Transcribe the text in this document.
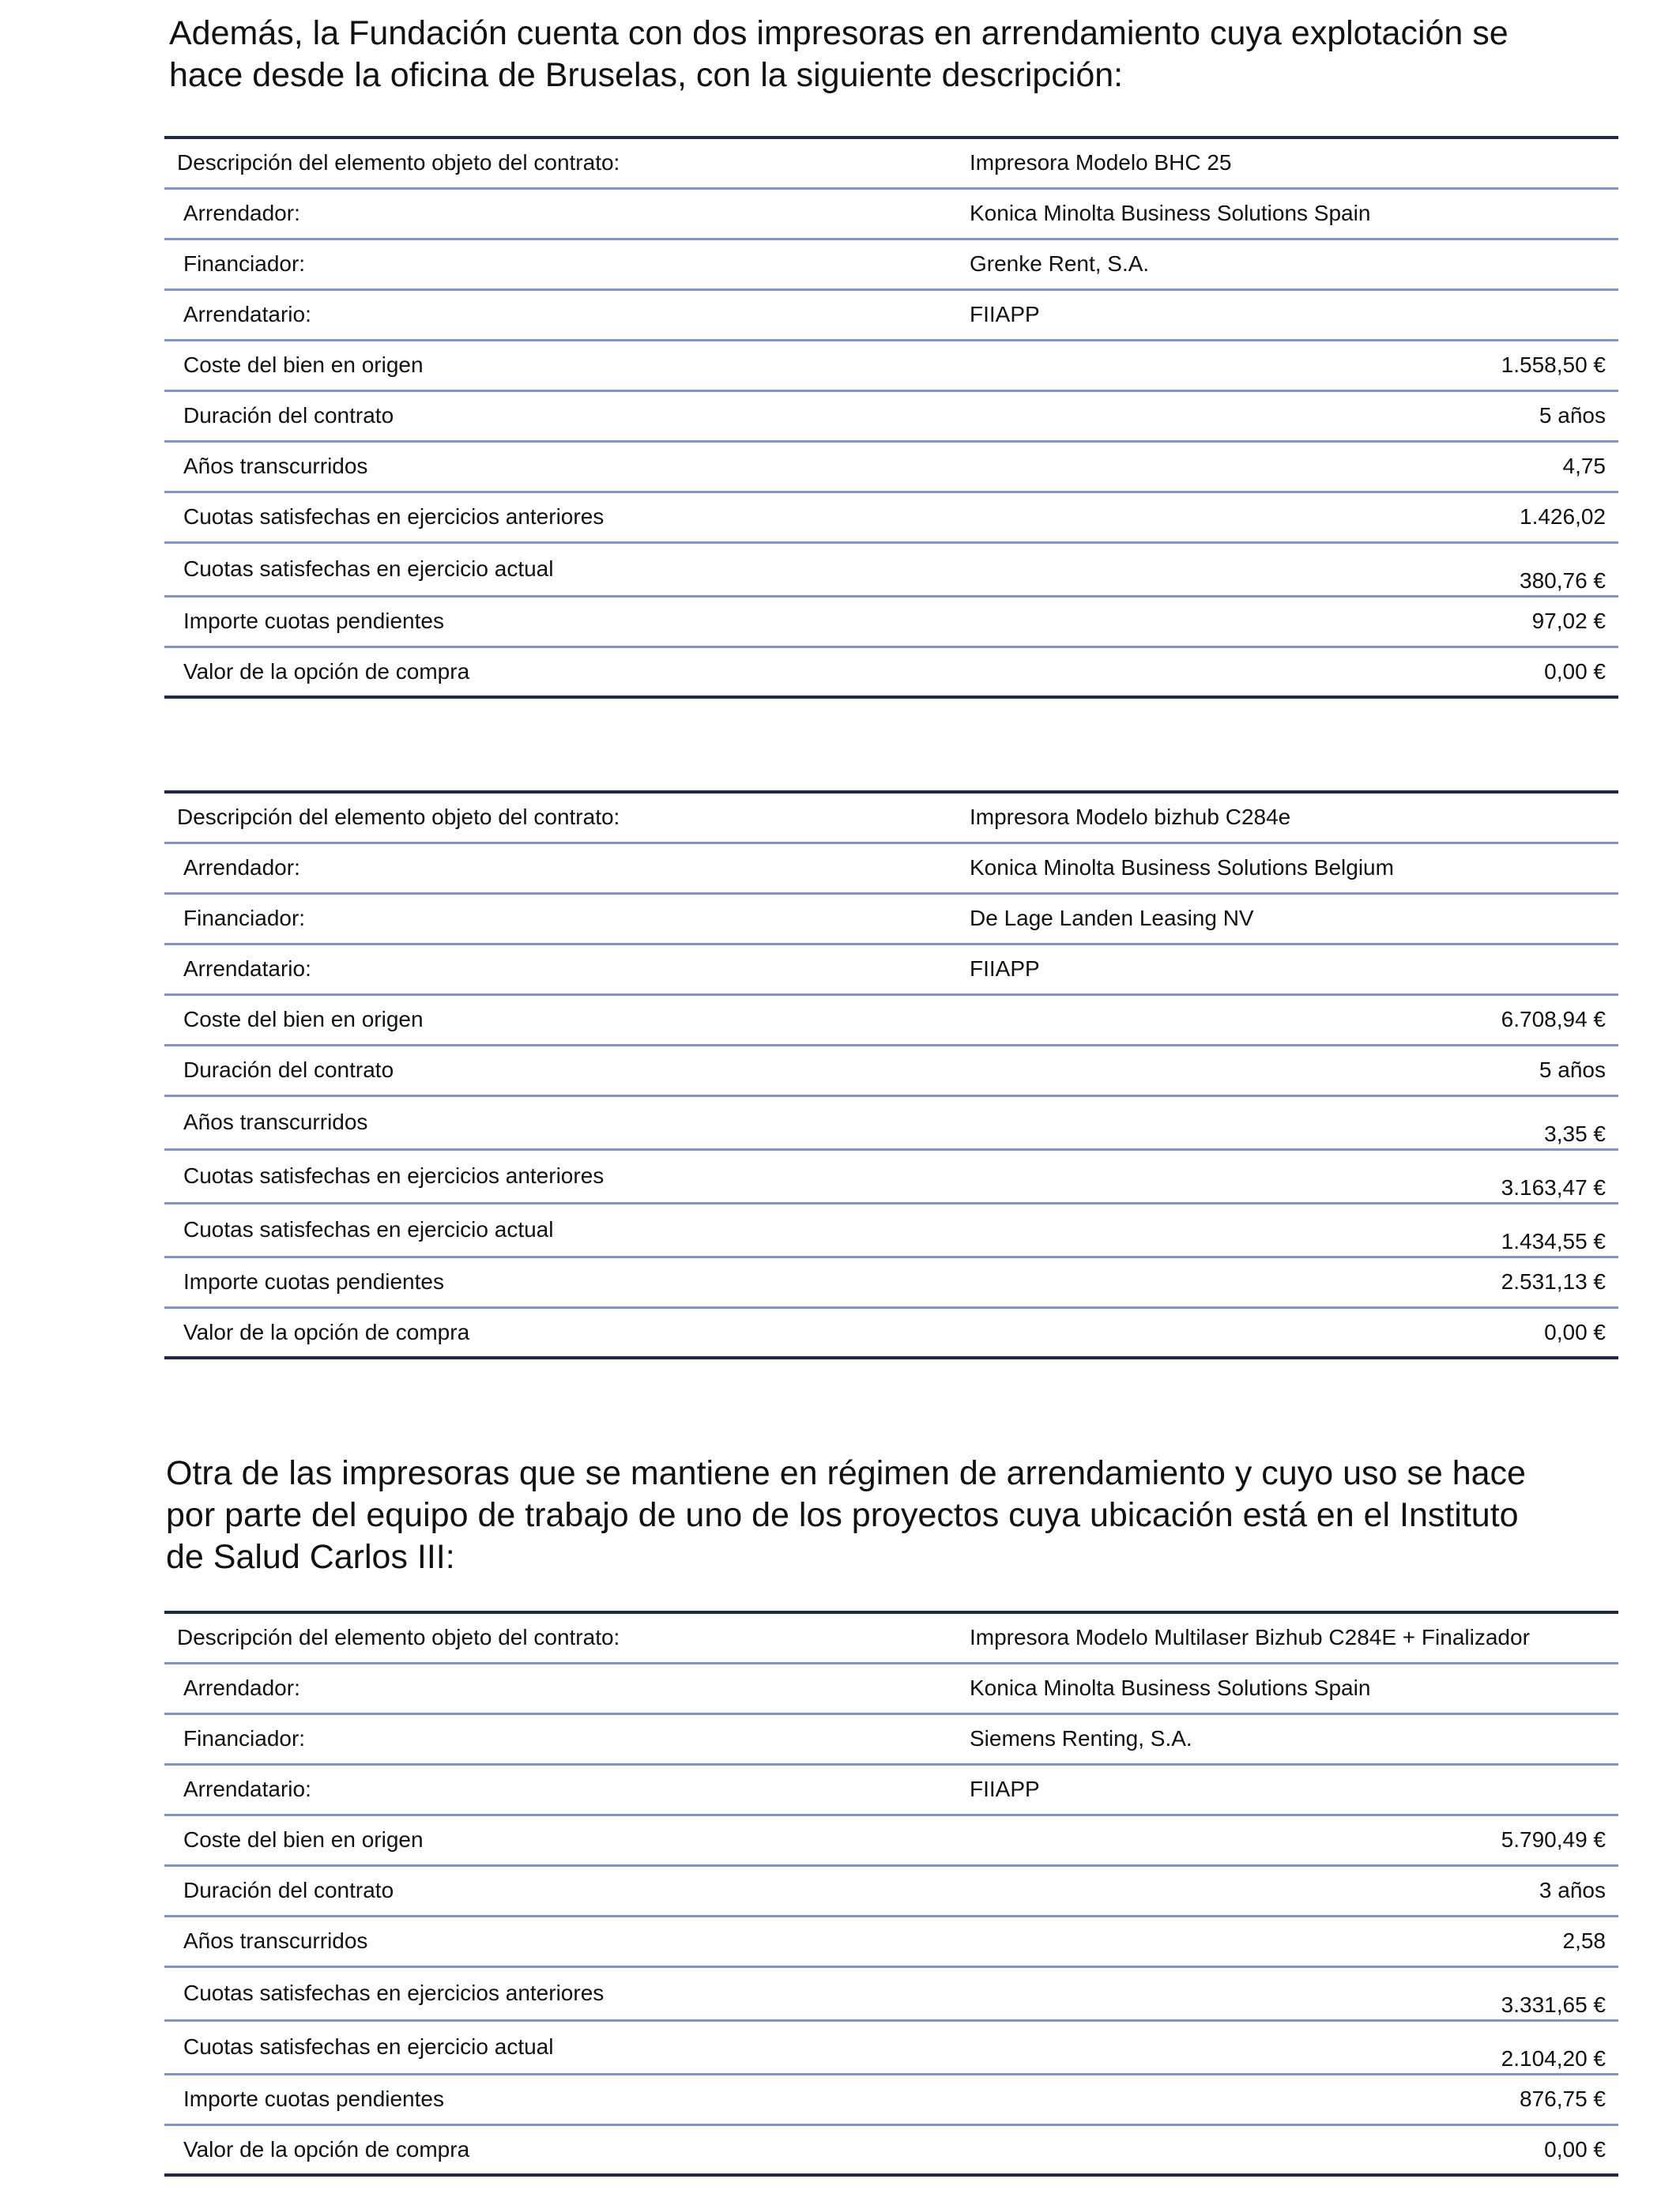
Además, la Fundación cuenta con dos impresoras en arrendamiento cuya explotación se hace desde la oficina de Bruselas, con la siguiente descripción:

Descripción del elemento objeto del contrato:	Impresora Modelo BHC 25
Arrendador:	Konica Minolta Business Solutions Spain
Financiador:	Grenke Rent, S.A.
Arrendatario:	FIIAPP
Coste del bien en origen	1.558,50 €
Duración del contrato	5 años
Años transcurridos	4,75
Cuotas satisfechas en ejercicios anteriores	1.426,02
Cuotas satisfechas en ejercicio actual	380,76 €
Importe cuotas pendientes	97,02 €
Valor de la opción de compra	0,00 €
Descripción del elemento objeto del contrato:	Impresora Modelo bizhub C284e
Arrendador:	Konica Minolta Business Solutions Belgium
Financiador:	De Lage Landen Leasing NV
Arrendatario:	FIIAPP
Coste del bien en origen	6.708,94 €
Duración del contrato	5 años
Años transcurridos	3,35 €
Cuotas satisfechas en ejercicios anteriores	3.163,47 €
Cuotas satisfechas en ejercicio actual	1.434,55 €
Importe cuotas pendientes	2.531,13 €
Valor de la opción de compra	0,00 €

Otra de las impresoras que se mantiene en régimen de arrendamiento y cuyo uso se hace por parte del equipo de trabajo de uno de los proyectos cuya ubicación está en el Instituto de Salud Carlos III:

Descripción del elemento objeto del contrato:	Impresora Modelo Multilaser Bizhub C284E + Finalizador
Arrendador:	Konica Minolta Business Solutions Spain
Financiador:	Siemens Renting, S.A.
Arrendatario:	FIIAPP
Coste del bien en origen	5.790,49 €
Duración del contrato	3 años
Años transcurridos	2,58
Cuotas satisfechas en ejercicios anteriores	3.331,65 €
Cuotas satisfechas en ejercicio actual	2.104,20 €
Importe cuotas pendientes	876,75 €
Valor de la opción de compra	0,00 €
